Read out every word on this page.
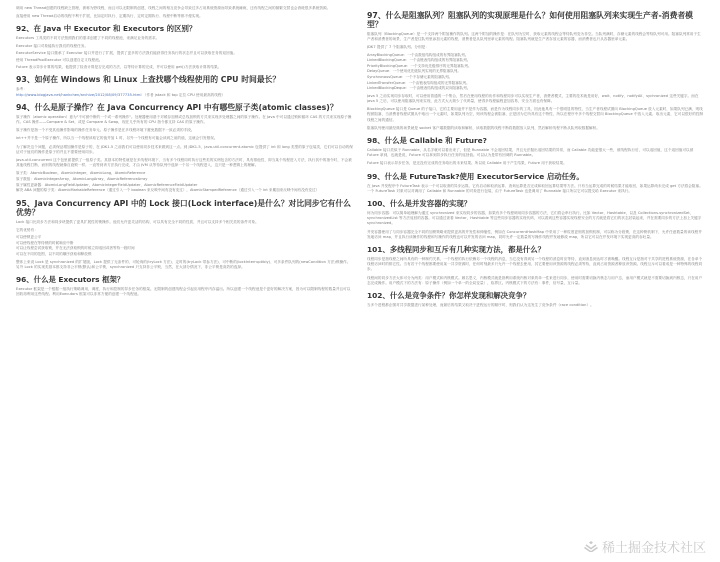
调用 new Thread创建的线程缺乏管理，被称为野线程，而且可以无限制的创建，线程之间的相互竞争会导致过多占用系统资源而导致系统瘫痪，还有线程之间的频繁交替也会消耗很多系统资源。

直接使用 new Thread启动的线程不利于扩展，比如定时执行、定期执行、定时定期执行、线程中断等都不便实现。

92、在 Java 中 Executor 和 Executors 的区别？

Executors 工具类的不同方法按照我们的需求创建了不同的线程池，来满足业务的需求。

Executor 接口对象能执行我们的线程任务。

ExecutorService 接口继承了 Executor 接口并进行了扩展，提供了更多的方法我们能获得任务执行的状态并且可以获取任务的返回值。

使用 ThreadPoolExecutor 可以创建自定义线程池。

Future 表示异步计算的结果，他提供了检查计算是否完成的方法，以等待计算的完成，并可以使用 get()方法获取计算的结果。

93、如何在 Windows 和 Linux 上查找哪个线程使用的 CPU 时间最长？

参考：
http://www.blogjava.net/hankchen/archive/2012/08/09/377735.html （作者 jstack 和 top 定位 CPU 使用最高的线程）

94、什么是原子操作？在 Java Concurrency API 中有哪些原子类(atomic classes)？

原子操作（atomic operation）意为"不可被中断的一个或一系列操作"。处理器使用基于对缓存加锁或总线加锁的方式来实现多处理器之间的原子操作。在 Java 中可以通过锁和循环 CAS 的方式来实现原子操作。CAS 操作——Compare & Set，或是 Compare & Swap，现在几乎所有的 CPU 指令都支持 CAS 的原子操作。

原子操作是指一个不受其他操作影响的操作任务单元。原子操作是在多线程环境下避免数据不一致必须的手段。

int++并不是一个原子操作，所以当一个线程读取它的值并加 1 时，另外一个线程有可能会读到之前的值，这就会引发错误。

为了解决这个问题，必须保证增加操作是原子的，在 JDK1.5 之前我们可以使用同步技术来做到这一点。到 JDK1.5，java.util.concurrent.atomic 包提供了 int 和 long 类型的原子包装类，它们可以自动的保证对于他们的操作是原子的并且不需要使用同步。

java.util.concurrent 这个包里面提供了一组原子类。其基本的特性就是在多线程环境下，当有多个线程同时执行这些类的实例包含的方法时，具有排他性，即当某个线程进入方法，执行其中的指令时，不会被其他线程打断，而别的线程就像自旋锁一样，一直等到该方法执行完成，才由 JVM 从等待队列中选择一个另一个线程进入，这只是一种逻辑上的理解。

原子类：AtomicBoolean，AtomicInteger，AtomicLong，AtomicReference
原子数组：AtomicIntegerArray，AtomicLongArray，AtomicReferenceArray
原子属性更新器：AtomicLongFieldUpdater，AtomicIntegerFieldUpdater，AtomicReferenceFieldUpdater
解决 ABA 问题的原子类：AtomicMarkableReference（通过引入一个 boolean 来反映中间有没有变过），AtomicStampedReference（通过引入一个 int 来累加来反映中间有没有变过）
95、Java Concurrency API 中的 Lock 接口(Lock interface)是什么？对比同步它有什么优势？

Lock 接口比同步方法和同步块提供了更具扩展性的锁操作。他们允许更灵活的结构，可以具有完全不同的性质，并且可以支持多个相关类的条件对象。

它的优势有：

可以使锁更公平
可以使线程在等待锁的时候响应中断
可以让线程尝试获取锁，并在无法获取锁的时候立即返回或者等待一段时间
可以在不同的范围，以不同的顺序获取和释放锁

整体上来说 Lock 是 synchronized 的扩展版，Lock 提供了无条件的、可轮询的(tryLock 方法)、定时的(tryLock 带参方法)、可中断的(lockInterruptibly)、可多条件队列的(newCondition 方法)锁操作。另外 Lock 的实现类基本都支持非公平锁(默认)和公平锁，synchronized 只支持非公平锁，当然，在大部分情况下，非公平锁是高效的选择。

96、什么是 Executors 框架？

Executor 框架是一个根据一组执行策略调用，调度，执行和控制的异步任务的框架。无限制的创建线程会引起应用程序内存溢出。所以创建一个线程池是个更好的解决方案，因为可以限制线程的数量并且可以回收再利用这些线程。利用Executors 框架可以非常方便的创建一个线程池。

97、什么是阻塞队列？阻塞队列的实现原理是什么？如何使用阻塞队列来实现生产者-消费者模型？

阻塞队列（BlockingQueue）是一个支持两个附加操作的队列。这两个附加的操作是：在队列为空时，获取元素的线程会等待队列变为非空。当队列满时，存储元素的线程会等待队列可用。阻塞队列常用于生产者和消费者的场景，生产者是往队列里添加元素的线程，消费者是从队列里拿元素的线程。阻塞队列就是生产者存放元素的容器，而消费者也只从容器里拿元素。

JDK7 提供了 7 个阻塞队列。分别是：

ArrayBlockingQueue：一个由数组结构组成的有界阻塞队列。
LinkedBlockingQueue：一个由链表结构组成的有界阻塞队列。
PriorityBlockingQueue：一个支持优先级排序的无界阻塞队列。
DelayQueue：一个使用优先级队列实现的无界阻塞队列。
SynchronousQueue：一个不存储元素的阻塞队列。
LinkedTransferQueue：一个由链表结构组成的无界阻塞队列。
LinkedBlockingDeque：一个由链表结构组成的双向阻塞队列。

Java 5 之前实现同步存取时，可以使用普通的一个集合，然后在使用线程的协作和线程同步可以实现生产者，消费者模式，主要的技术就是用好，wait、notify、notifyAll、sychronized 这些关键字。而在 java 5 之后，可以使用阻塞队列来实现，此方式大大简少了代码量，使得多线程编程更加容易，安全方面也有保障。

BlockingQueue 接口是 Queue 的子接口，它的主要用途并不是作为容器，而是作为线程同步的工具，因此他具有一个很明显的特性，当生产者线程试图向 BlockingQueue 放入元素时，如果队列已满，则线程被阻塞，当消费者线程试图从中取出一个元素时，如果队列为空，则该线程会被阻塞，正是因为它所具有这个特性，所以在程序中多个线程交替向 BlockingQueue 中放入元素，取出元素，它可以很好的控制线程之间的通信。

阻塞队列使用最经典的场景就是 socket 客户端数据的读取和解析，读取数据的线程不断将数据放入队列，然后解析线程不断从队列取数据解析。

98、什么是 Callable 和 Future?

Callable 接口类似于 Runnable，从名字就可以看出来了，但是 Runnable 不会返回结果，并且无法抛出返回结果的异常，而 Callable 功能更强大一些，被线程执行后，可以返回值，这个返回值可以被 Future 拿到，也就是说，Future 可以拿到异步执行任务的返回值。可以认为是带有回调的 Runnable。

Future 接口表示异步任务，是还没有完成的任务给出的未来结果。所以说 Callable 用于产生结果，Future 用于获取结果。

99、什么是 FutureTask?使用 ExecutorService 启动任务。

在 Java 并发程序中 FutureTask 表示一个可以取消的异步运算。它有启动和取消运算、查询运算是否完成和取回运算结果等方法。只有当运算完成的时候结果才能取回，如果运算尚未完成 get 方法将会阻塞。一个 FutureTask 对象可以对调用了 Callable 和 Runnable 的对象进行包装，由于 FutureTask 也是调用了 Runnable 接口所以它可以提交给 Executor 来执行。

100、什么是并发容器的实现？

何为同步容器：可以简单地理解为通过 synchronized 来实现同步的容器，如果有多个线程调用同步容器的方法，它们将会串行执行。比如 Vector，Hashtable，以及 Collections.synchronizedSet，synchronizedList 等方法返回的容器。可以通过查看 Vector，Hashtable 等这些同步容器的实现代码，可以看到这些容器实现线程安全的方式就是将它们的状态封装起来，并在需要同步的方法上加上关键字 synchronized。

并发容器使用了与同步容器完全不同的加锁策略来提供更高的并发性和伸缩性，例如在 ConcurrentHashMap 中采用了一种粒度更细的加锁机制，可以称为分段锁，在这种锁机制下，允许任意数量的读线程并发地访问 map，并且执行读操作的线程和写操作的线程也可以并发的访问 map，同时允许一定数量的写操作线程并发地修改 map，所以它可以在并发环境下实现更高的吞吐量。

101、多线程同步和互斥有几种实现方法，都是什么？

线程同步是指线程之间所具有的一种制约关系，一个线程的执行依赖另一个线程的消息，当它没有得到另一个线程的消息时应等待，直到消息到达时才被唤醒。线程互斥是指对于共享的进程系统资源，在各单个线程访问时的排它性。当有若干个线程都要使用某一共享资源时，任何时刻最多只允许一个线程去使用，其它要使用该资源的线程必须等待，直到占用资源者释放该资源。线程互斥可以看成是一种特殊的线程同步。

线程间的同步方法大体可分为两类：用户模式和内核模式。顾名思义，内核模式就是指利用系统内核对象的单一性来进行同步，使用时需要切换内核态与用户态，而用户模式就是不需要切换到内核态，只在用户态完成操作。用户模式下的方法有：原子操作（例如一个单一的全局变量），临界区。内核模式下的方法有：事件，信号量，互斥量。

102、什么是竞争条件？你怎样发现和解决竞争？

当多个进程都企图对共享数据进行某种处理，而最后的结果又取决于进程运行的顺序时，则我们认为这发生了竞争条件（race condition）。

稀土掘金技术社区
